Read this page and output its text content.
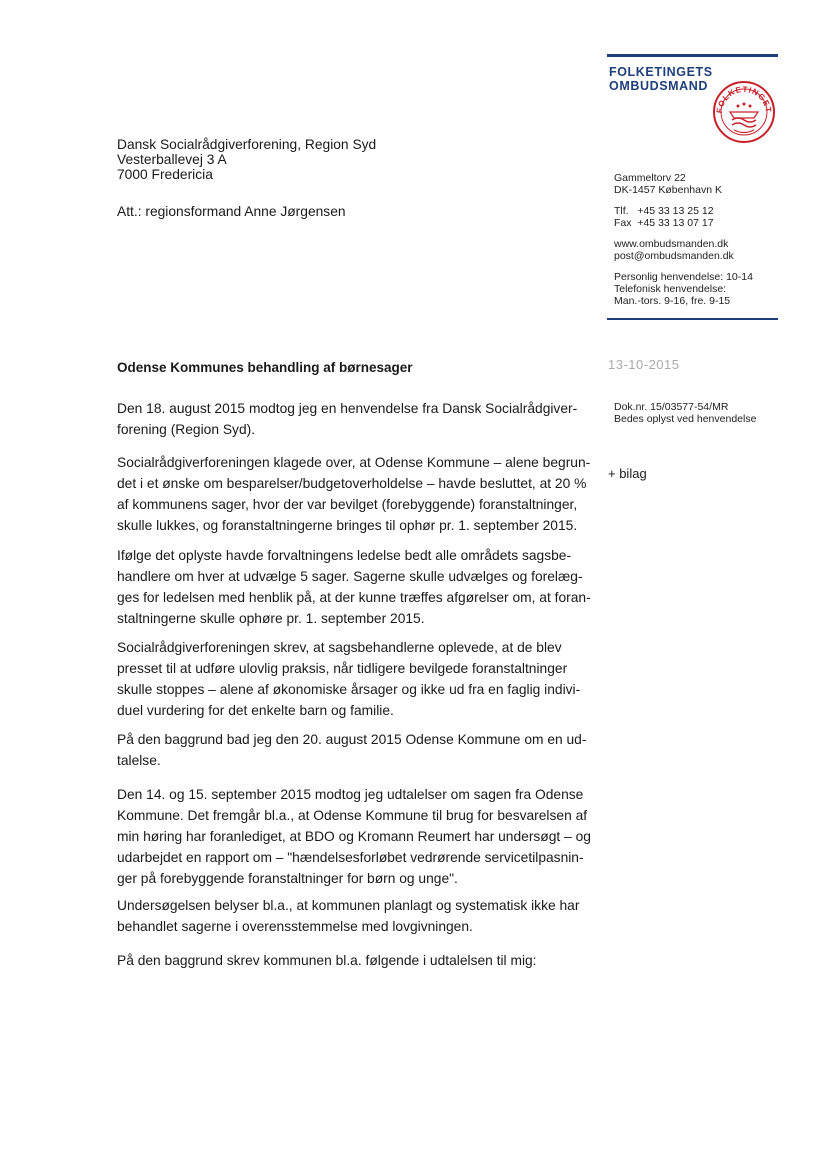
FOLKETINGETS
OMBUDSMAND
FOLKETINGET
Dansk Socialrådgiverforening, Region Syd
Vesterballevej 3 A
7000 Fredericia
Att.: regionsformand Anne Jørgensen
Gammeltorv 22
DK-1457 København K
Tlf.   +45 33 13 25 12
Fax  +45 33 13 07 17
www.ombudsmanden.dk
post@ombudsmanden.dk
Personlig henvendelse: 10-14
Telefonisk henvendelse:
Man.-tors. 9-16, fre. 9-15
13-10-2015
Dok.nr. 15/03577-54/MR
Bedes oplyst ved henvendelse
+ bilag
Odense Kommunes behandling af børnesager
Den 18. august 2015 modtog jeg en henvendelse fra Dansk Socialrådgiver-
forening (Region Syd).
Socialrådgiverforeningen klagede over, at Odense Kommune – alene begrun-
det i et ønske om besparelser/budgetoverholdelse – havde besluttet, at 20 %
af kommunens sager, hvor der var bevilget (forebyggende) foranstaltninger,
skulle lukkes, og foranstaltningerne bringes til ophør pr. 1. september 2015.
Ifølge det oplyste havde forvaltningens ledelse bedt alle områdets sagsbe-
handlere om hver at udvælge 5 sager. Sagerne skulle udvælges og forelæg-
ges for ledelsen med henblik på, at der kunne træffes afgørelser om, at foran-
staltningerne skulle ophøre pr. 1. september 2015.
Socialrådgiverforeningen skrev, at sagsbehandlerne oplevede, at de blev
presset til at udføre ulovlig praksis, når tidligere bevilgede foranstaltninger
skulle stoppes – alene af økonomiske årsager og ikke ud fra en faglig indivi-
duel vurdering for det enkelte barn og familie.
På den baggrund bad jeg den 20. august 2015 Odense Kommune om en ud-
talelse.
Den 14. og 15. september 2015 modtog jeg udtalelser om sagen fra Odense
Kommune. Det fremgår bl.a., at Odense Kommune til brug for besvarelsen af
min høring har foranlediget, at BDO og Kromann Reumert har undersøgt – og
udarbejdet en rapport om – "hændelsesforløbet vedrørende servicetilpasnin-
ger på forebyggende foranstaltninger for børn og unge".
Undersøgelsen belyser bl.a., at kommunen planlagt og systematisk ikke har
behandlet sagerne i overensstemmelse med lovgivningen.
På den baggrund skrev kommunen bl.a. følgende i udtalelsen til mig:
